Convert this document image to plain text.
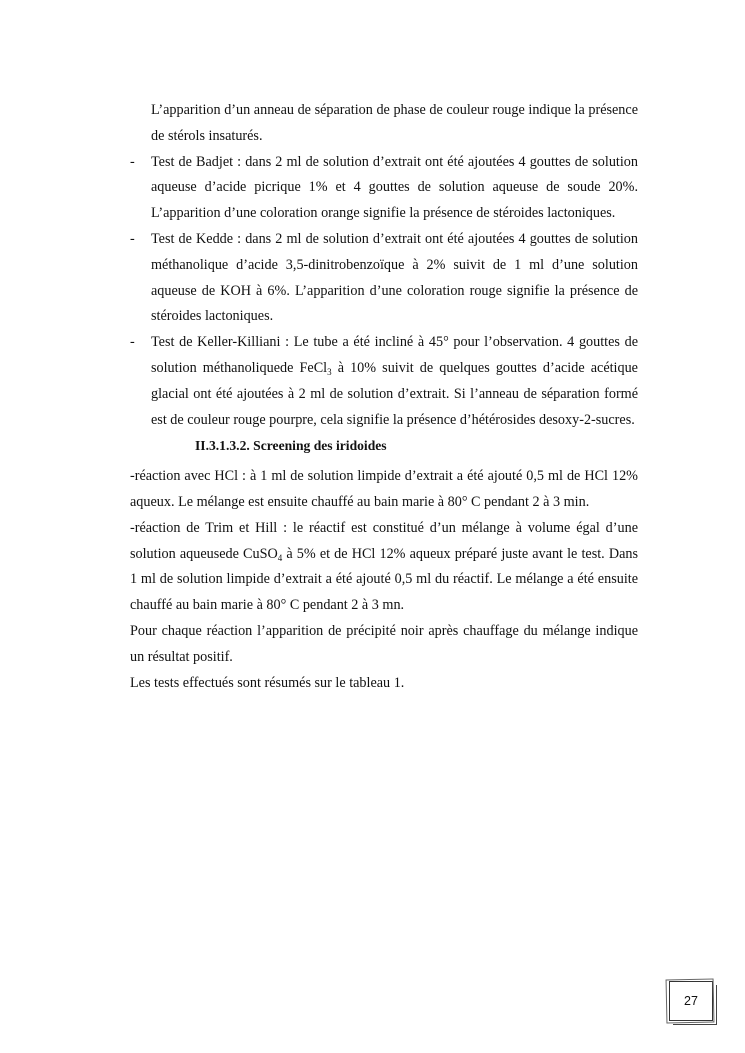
L’apparition d’un anneau de séparation de phase de couleur rouge indique la présence de stérols insaturés.

- Test de Badjet : dans 2 ml de solution d’extrait ont été ajoutées 4 gouttes de solution aqueuse d’acide picrique 1% et 4 gouttes de solution aqueuse de soude 20%. L’apparition d’une coloration orange signifie la présence de stéroides lactoniques.
- Test de Kedde : dans 2 ml de solution d’extrait ont été ajoutées 4 gouttes de solution méthanolique d’acide 3,5-dinitrobenzoïque à 2% suivit de 1 ml d’une solution aqueuse de KOH à 6%. L’apparition d’une coloration rouge signifie la présence de stéroides lactoniques.
- Test de Keller-Killiani : Le tube a été incliné à 45° pour l’observation. 4 gouttes de solution méthanoliquede FeCl$_3$ à 10% suivit de quelques gouttes d’acide acétique glacial ont été ajoutées à 2 ml de solution d’extrait. Si l’anneau de séparation formé est de couleur rouge pourpre, cela signifie la présence d’hétérosides desoxy-2-sucres.

II.3.1.3.2. Screening des iridoides

-réaction avec HCl : à 1 ml de solution limpide d’extrait a été ajouté 0,5 ml de HCl 12% aqueux. Le mélange est ensuite chauffé au bain marie à 80° C pendant 2 à 3 min.

-réaction de Trim et Hill : le réactif est constitué d’un mélange à volume égal d’une solution aqueusede CuSO$_4$ à 5% et de HCl 12% aqueux préparé juste avant le test. Dans 1 ml de solution limpide d’extrait a été ajouté 0,5 ml du réactif. Le mélange a été ensuite chauffé au bain marie à 80° C pendant 2 à 3 mn.

Pour chaque réaction l’apparition de précipité noir après chauffage du mélange indique un résultat positif.

Les tests effectués sont résumés sur le tableau 1.

27
